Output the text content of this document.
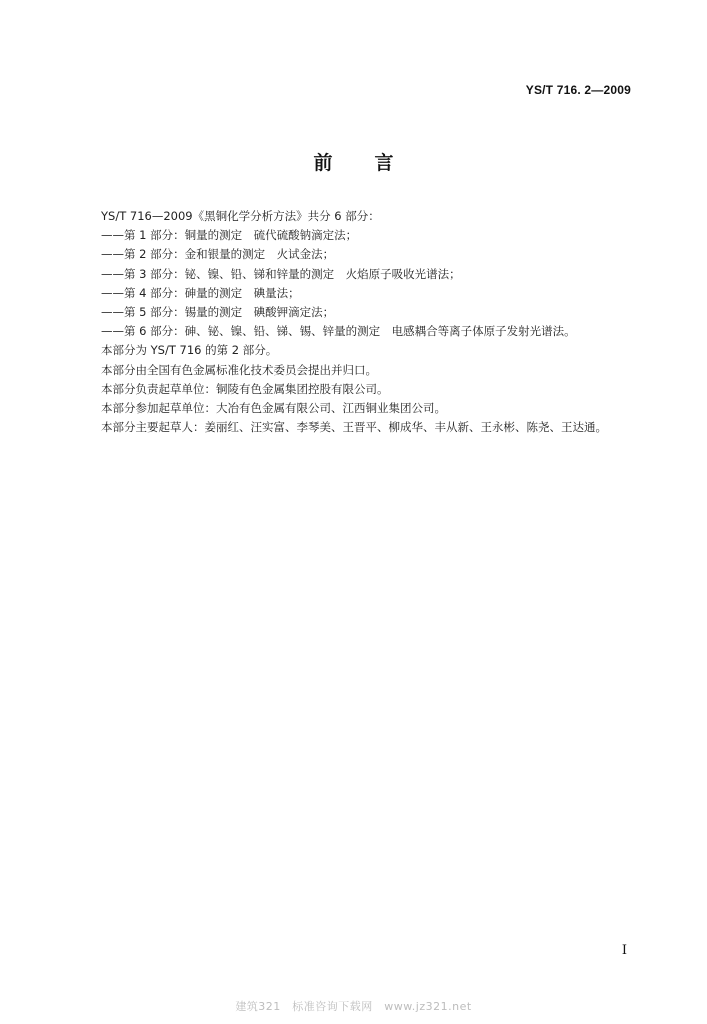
YS/T 716. 2—2009
前言
YS/T 716—2009《黑铜化学分析方法》共分 6 部分：
——第 1 部分：铜量的测定　硫代硫酸钠滴定法；
——第 2 部分：金和银量的测定　火试金法；
——第 3 部分：铋、镍、铅、锑和锌量的测定　火焰原子吸收光谱法；
——第 4 部分：砷量的测定　碘量法；
——第 5 部分：锡量的测定　碘酸钾滴定法；
——第 6 部分：砷、铋、镍、铅、锑、锡、锌量的测定　电感耦合等离子体原子发射光谱法。
本部分为 YS/T 716 的第 2 部分。
本部分由全国有色金属标准化技术委员会提出并归口。
本部分负责起草单位：铜陵有色金属集团控股有限公司。
本部分参加起草单位：大冶有色金属有限公司、江西铜业集团公司。
本部分主要起草人：姜丽红、汪实富、李琴美、王晋平、柳成华、丰从新、王永彬、陈尧、王达通。
I
建筑321　标准咨询下载网　www.jz321.net
